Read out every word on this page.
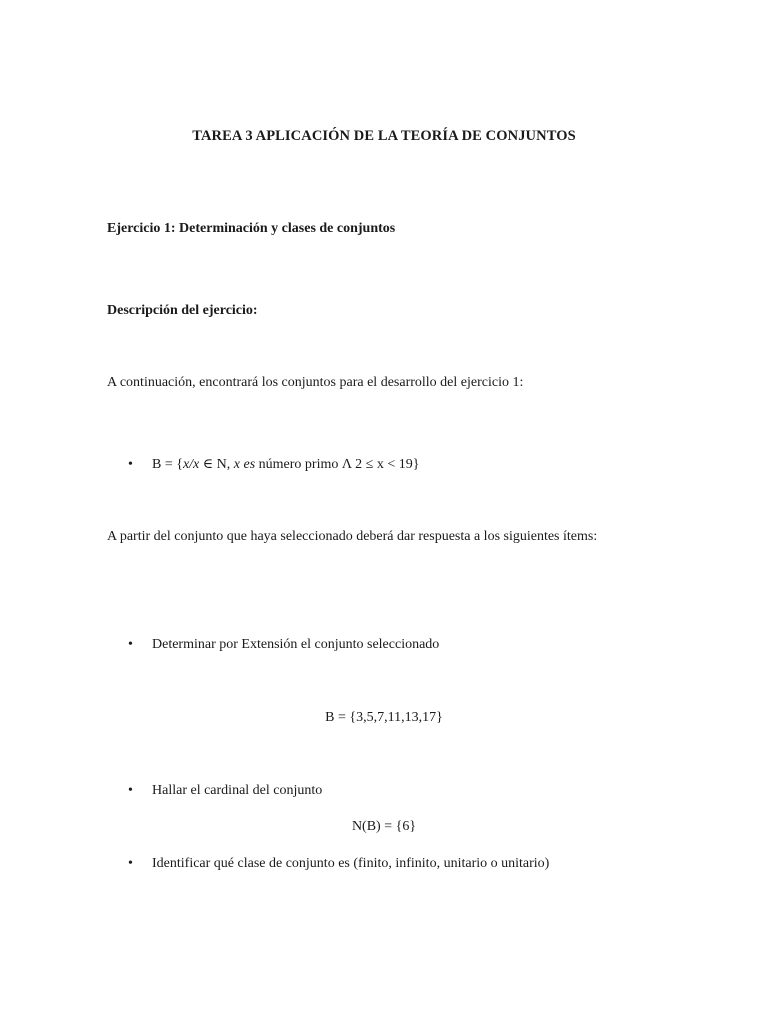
TAREA 3 APLICACIÓN DE LA TEORÍA DE CONJUNTOS
Ejercicio 1: Determinación y clases de conjuntos
Descripción del ejercicio:
A continuación, encontrará los conjuntos para el desarrollo del ejercicio 1:
•	B = {x/x ∈ N, x es número primo Λ 2 ≤ x < 19}
A partir del conjunto que haya seleccionado deberá dar respuesta a los siguientes ítems:
•	Determinar por Extensión el conjunto seleccionado
B = {3,5,7,11,13,17}
•	Hallar el cardinal del conjunto
N(B) = {6}
•	Identificar qué clase de conjunto es (finito, infinito, unitario o unitario)
